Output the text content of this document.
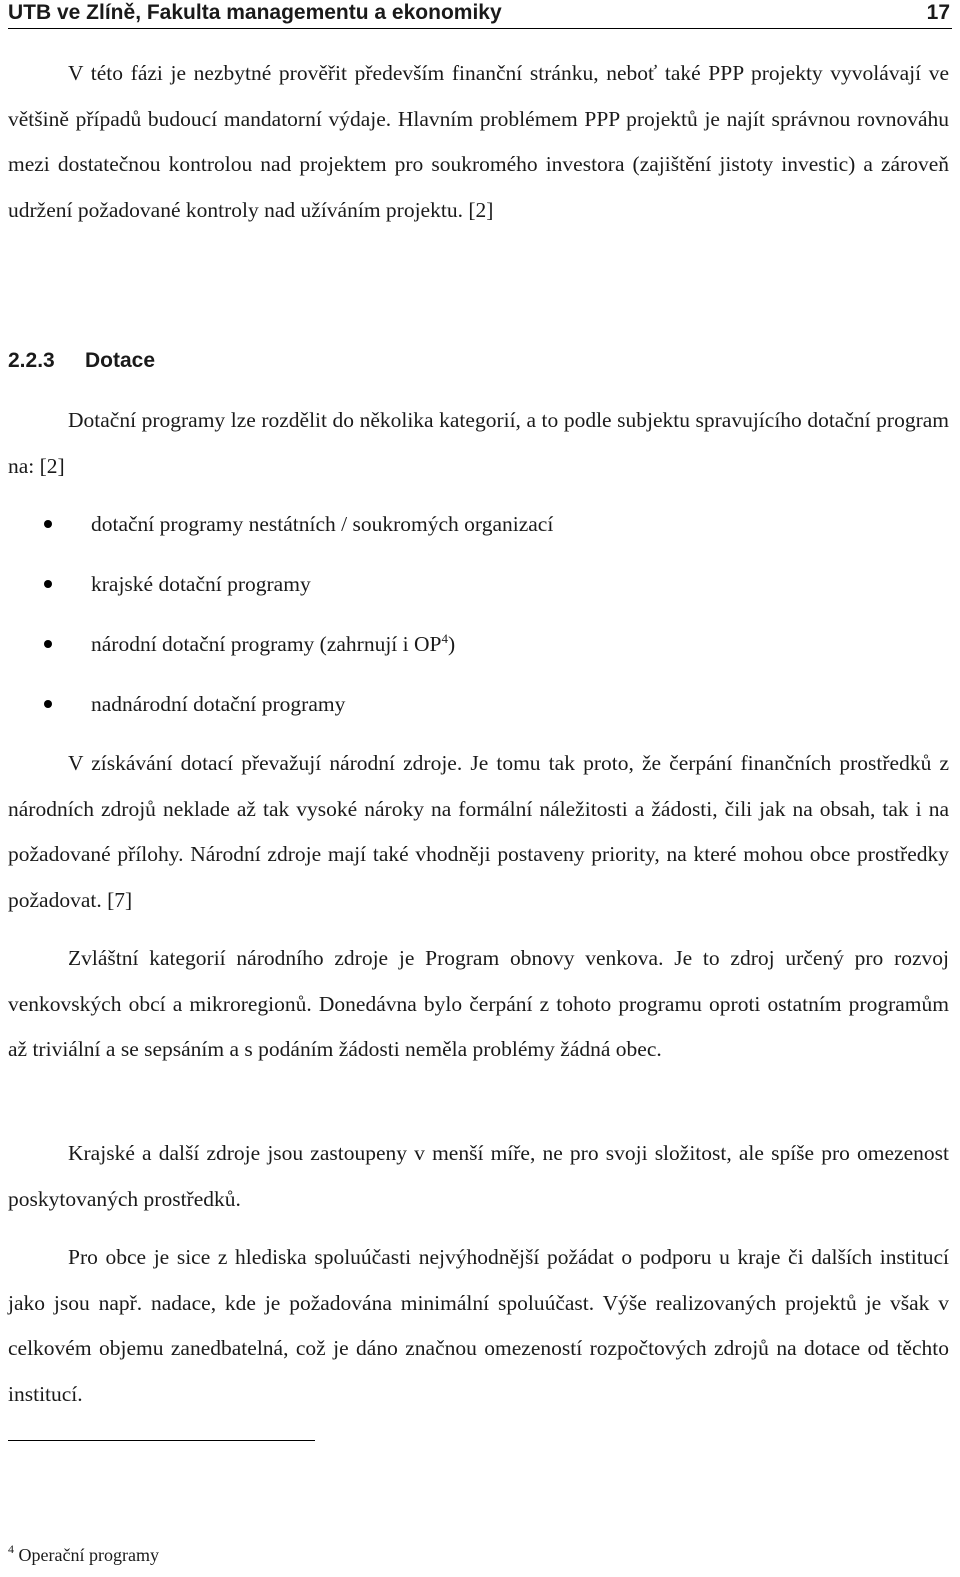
UTB ve Zlíně, Fakulta managementu a ekonomiky	17

V této fázi je nezbytné prověřit především finanční stránku, neboť také PPP projekty vyvolávají ve většině případů budoucí mandatorní výdaje. Hlavním problémem PPP projektů je najít správnou rovnováhu mezi dostatečnou kontrolou nad projektem pro soukromého investora (zajištění jistoty investic) a zároveň udržení požadované kontroly nad užíváním projektu. [2]

2.2.3 Dotace

Dotační programy lze rozdělit do několika kategorií, a to podle subjektu spravujícího dotační program na: [2]

dotační programy nestátních / soukromých organizací
krajské dotační programy
národní dotační programy (zahrnují i $OP^4$)
nadnárodní dotační programy

V získávání dotací převažují národní zdroje. Je tomu tak proto, že čerpání finančních prostředků z národních zdrojů neklade až tak vysoké nároky na formální náležitosti a žádosti, čili jak na obsah, tak i na požadované přílohy. Národní zdroje mají také vhodněji postaveny priority, na které mohou obce prostředky požadovat. [7]

Zvláštní kategorií národního zdroje je Program obnovy venkova. Je to zdroj určený pro rozvoj venkovských obcí a mikroregionů. Donedávna bylo čerpání z tohoto programu oproti ostatním programům až triviální a se sepsáním a s podáním žádosti neměla problémy žádná obec.

Krajské a další zdroje jsou zastoupeny v menší míře, ne pro svoji složitost, ale spíše pro omezenost poskytovaných prostředků.

Pro obce je sice z hlediska spoluúčasti nejvýhodnější požádat o podporu u kraje či dalších institucí jako jsou např. nadace, kde je požadována minimální spoluúčast. Výše realizovaných projektů je však v celkovém objemu zanedbatelná, což je dáno značnou omezeností rozpočtových zdrojů na dotace od těchto institucí.

$^4$ Operační programy
